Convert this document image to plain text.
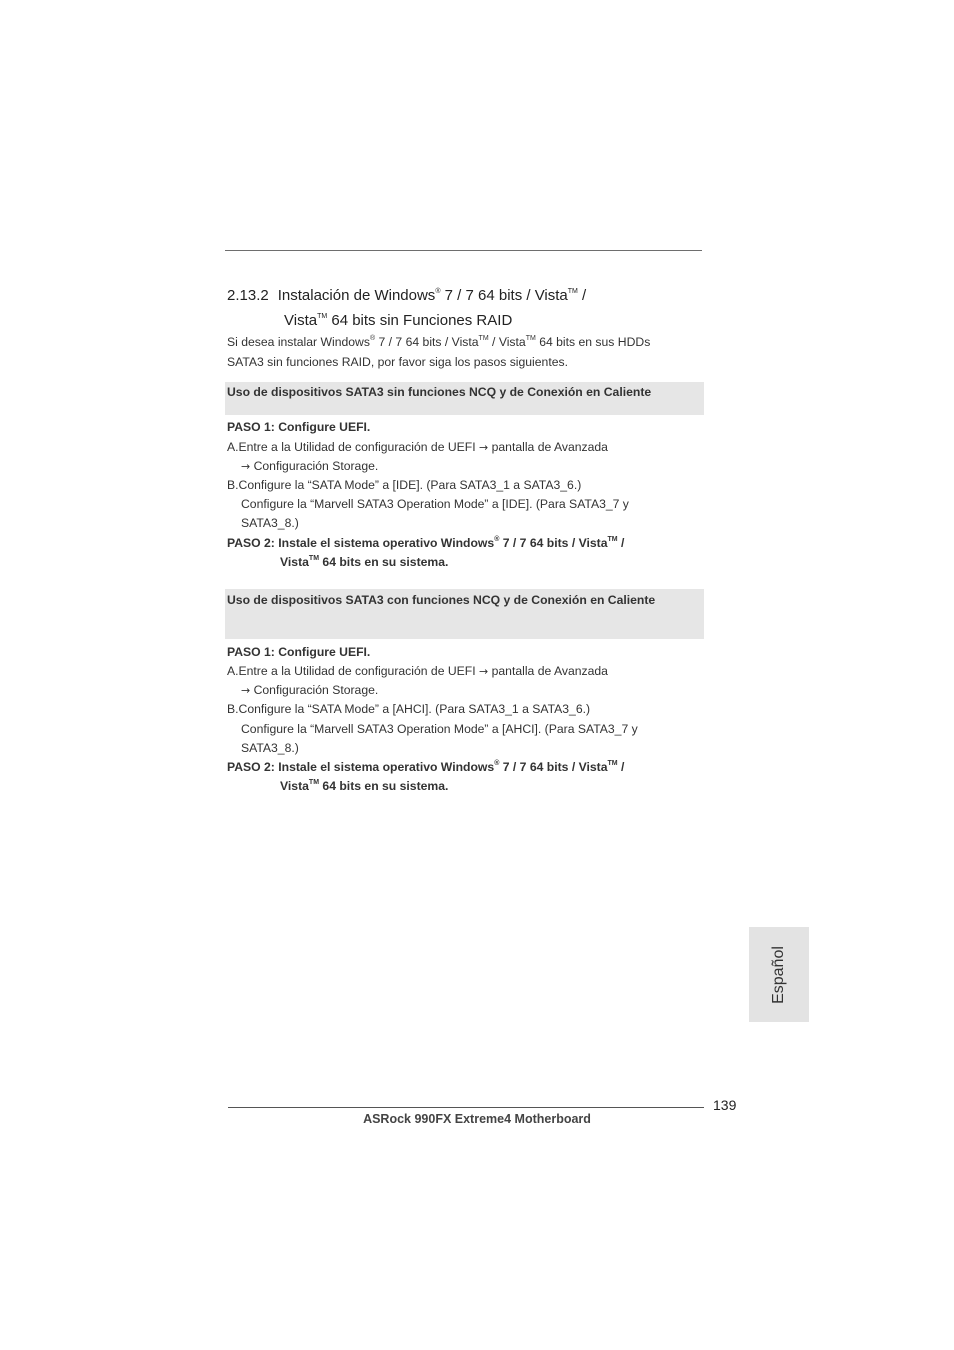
2.13.2 Instalación de Windows® 7 / 7 64 bits / Vista™ /
Vista™ 64 bits sin Funciones RAID
Si desea instalar Windows® 7 / 7 64 bits / Vista™ / Vista™ 64 bits en sus HDDs
SATA3 sin funciones RAID, por favor siga los pasos siguientes.
Uso de dispositivos SATA3 sin funciones NCQ y de Conexión en Caliente
PASO 1: Configure UEFI.
A.Entre a la Utilidad de configuración de UEFI → pantalla de Avanzada
→ Configuración Storage.
B.Configure la “SATA Mode” a [IDE]. (Para SATA3_1 a SATA3_6.)
Configure la “Marvell SATA3 Operation Mode” a [IDE]. (Para SATA3_7 y
SATA3_8.)
PASO 2: Instale el sistema operativo Windows® 7 / 7 64 bits / Vista™ /
Vista™ 64 bits en su sistema.
Uso de dispositivos SATA3 con funciones NCQ y de Conexión en Caliente
PASO 1: Configure UEFI.
A.Entre a la Utilidad de configuración de UEFI → pantalla de Avanzada
→ Configuración Storage.
B.Configure la “SATA Mode” a [AHCI]. (Para SATA3_1 a SATA3_6.)
Configure la “Marvell SATA3 Operation Mode” a [AHCI]. (Para SATA3_7 y
SATA3_8.)
PASO 2: Instale el sistema operativo Windows® 7 / 7 64 bits / Vista™ /
Vista™ 64 bits en su sistema.
Español
139
ASRock 990FX Extreme4 Motherboard
